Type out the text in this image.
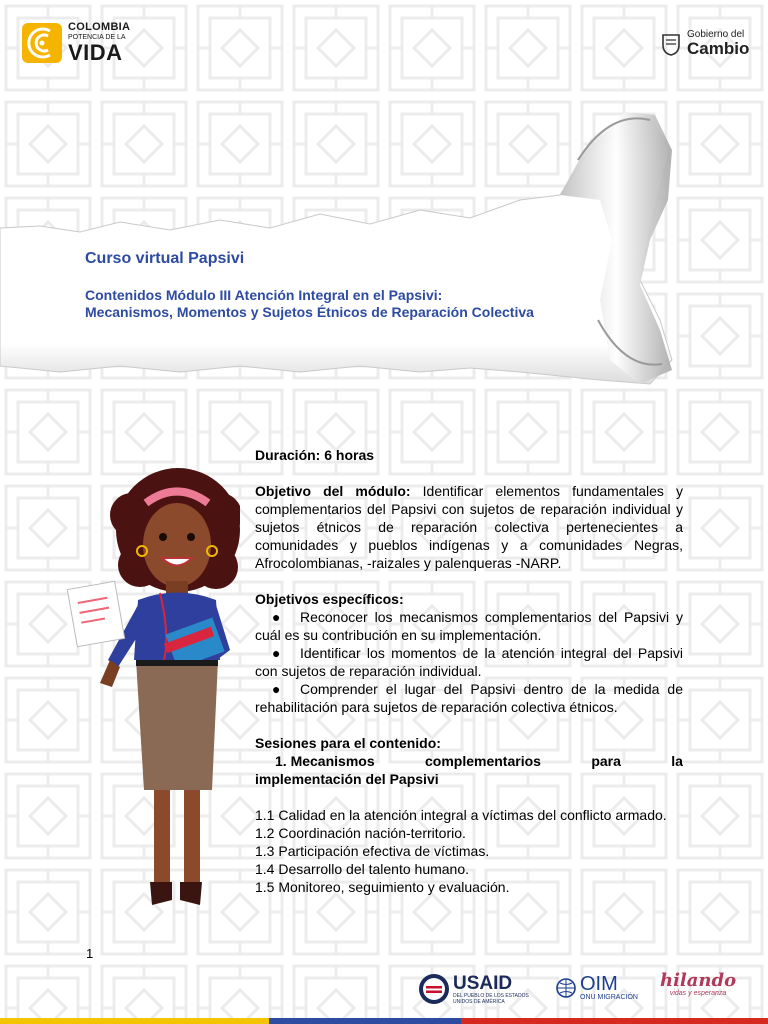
COLOMBIA
POTENCIA DE LA
VIDA
Gobierno del
Cambio
Curso virtual Papsivi
Contenidos Módulo III Atención Integral en el Papsivi:
Mecanismos, Momentos y Sujetos Étnicos de Reparación Colectiva

Duración: 6 horas

Objetivo del módulo: Identificar elementos fundamentales y complementarios del Papsivi con sujetos de reparación individual y sujetos étnicos de reparación colectiva pertenecientes a comunidades y pueblos indígenas y a comunidades Negras, Afrocolombianas, -raizales y palenqueras -NARP.

Objetivos específicos:

● Reconocer los mecanismos complementarios del Papsivi y cuál es su contribución en su implementación.

● Identificar los momentos de la atención integral del Papsivi con sujetos de reparación individual.

● Comprender el lugar del Papsivi dentro de la medida de rehabilitación para sujetos de reparación colectiva étnicos.

Sesiones para el contenido:

1. Mecanismos	complementarios	para	la

implementación del Papsivi

1.1 Calidad en la atención integral a víctimas del conflicto armado.

1.2 Coordinación nación-territorio.

1.3 Participación efectiva de víctimas.

1.4 Desarrollo del talento humano.

1.5 Monitoreo, seguimiento y evaluación.

1
USAID
DEL PUEBLO DE LOS ESTADOS UNIDOS DE AMÉRICA
OIM
ONU MIGRACIÓN
hilando
vidas y esperanza
